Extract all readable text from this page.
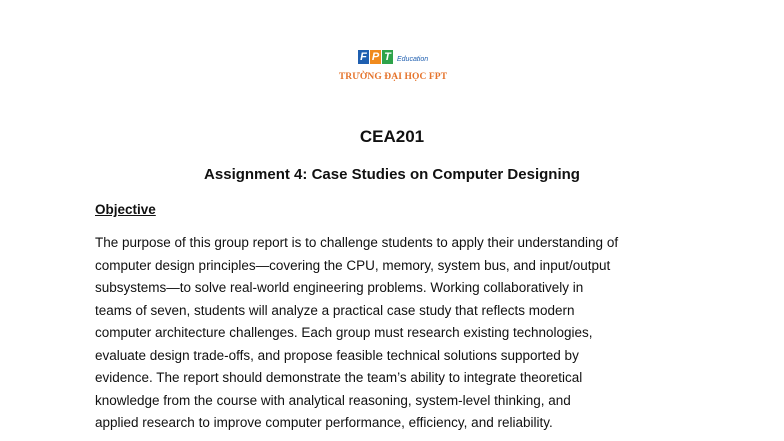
F P T Education
TRƯỜNG ĐẠI HỌC FPT
CEA201
Assignment 4: Case Studies on Computer Designing
Objective
The purpose of this group report is to challenge students to apply their understanding of
computer design principles—covering the CPU, memory, system bus, and input/output
subsystems—to solve real-world engineering problems. Working collaboratively in
teams of seven, students will analyze a practical case study that reflects modern
computer architecture challenges. Each group must research existing technologies,
evaluate design trade-offs, and propose feasible technical solutions supported by
evidence. The report should demonstrate the team’s ability to integrate theoretical
knowledge from the course with analytical reasoning, system-level thinking, and
applied research to improve computer performance, efficiency, and reliability.
